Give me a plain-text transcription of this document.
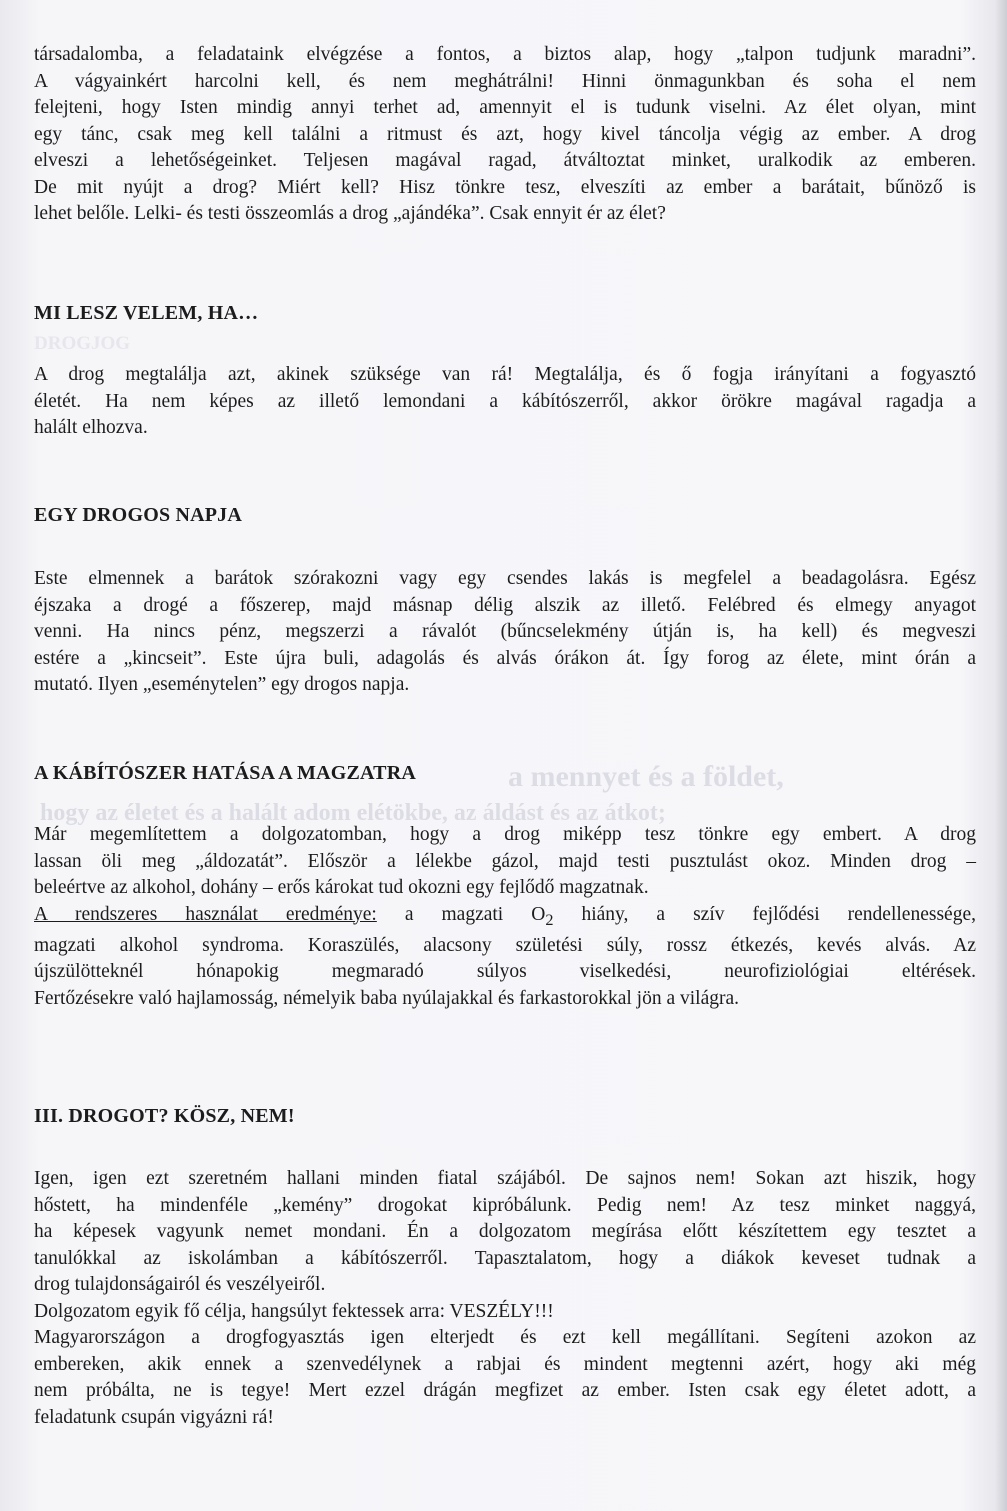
DROGJOG
a mennyet és a földet,
hogy az életet és a halált adom elétökbe, az áldást és az átkot;
társadalomba, a feladataink elvégzése a fontos, a biztos alap, hogy „talpon tudjunk maradni”.
A vágyainkért harcolni kell, és nem meghátrálni! Hinni önmagunkban és soha el nem
felejteni, hogy Isten mindig annyi terhet ad, amennyit el is tudunk viselni. Az élet olyan, mint
egy tánc, csak meg kell találni a ritmust és azt, hogy kivel táncolja végig az ember. A drog
elveszi a lehetőségeinket. Teljesen magával ragad, átváltoztat minket, uralkodik az emberen.
De mit nyújt a drog? Miért kell? Hisz tönkre tesz, elveszíti az ember a barátait, bűnöző is
lehet belőle. Lelki- és testi összeomlás a drog „ajándéka”. Csak ennyit ér az élet?
MI LESZ VELEM, HA…
A drog megtalálja azt, akinek szüksége van rá! Megtalálja, és ő fogja irányítani a fogyasztó
életét. Ha nem képes az illető lemondani a kábítószerről, akkor örökre magával ragadja a
halált elhozva.
EGY DROGOS NAPJA
Este elmennek a barátok szórakozni vagy egy csendes lakás is megfelel a beadagolásra. Egész
éjszaka a drogé a főszerep, majd másnap délig alszik az illető. Felébred és elmegy anyagot
venni. Ha nincs pénz, megszerzi a rávalót (bűncselekmény útján is, ha kell) és megveszi
estére a „kincseit”. Este újra buli, adagolás és alvás órákon át. Így forog az élete, mint órán a
mutató. Ilyen „eseménytelen” egy drogos napja.
A KÁBÍTÓSZER HATÁSA A MAGZATRA
Már megemlítettem a dolgozatomban, hogy a drog miképp tesz tönkre egy embert. A drog
lassan öli meg „áldozatát”. Először a lélekbe gázol, majd testi pusztulást okoz. Minden drog –
beleértve az alkohol, dohány – erős károkat tud okozni egy fejlődő magzatnak.
A rendszeres használat eredménye: a magzati $O_2$ hiány, a szív fejlődési rendellenessége,
magzati alkohol syndroma. Koraszülés, alacsony születési súly, rossz étkezés, kevés alvás. Az
újszülötteknél hónapokig megmaradó súlyos viselkedési, neurofiziológiai eltérések.
Fertőzésekre való hajlamosság, némelyik baba nyúlajakkal és farkastorokkal jön a világra.
III. DROGOT? KÖSZ, NEM!
Igen, igen ezt szeretném hallani minden fiatal szájából. De sajnos nem! Sokan azt hiszik, hogy
hőstett, ha mindenféle „kemény” drogokat kipróbálunk. Pedig nem! Az tesz minket naggyá,
ha képesek vagyunk nemet mondani. Én a dolgozatom megírása előtt készítettem egy tesztet a
tanulókkal az iskolámban a kábítószerről. Tapasztalatom, hogy a diákok keveset tudnak a
drog tulajdonságairól és veszélyeiről.
Dolgozatom egyik fő célja, hangsúlyt fektessek arra: VESZÉLY!!!
Magyarországon a drogfogyasztás igen elterjedt és ezt kell megállítani. Segíteni azokon az
embereken, akik ennek a szenvedélynek a rabjai és mindent megtenni azért, hogy aki még
nem próbálta, ne is tegye! Mert ezzel drágán megfizet az ember. Isten csak egy életet adott, a
feladatunk csupán vigyázni rá!
